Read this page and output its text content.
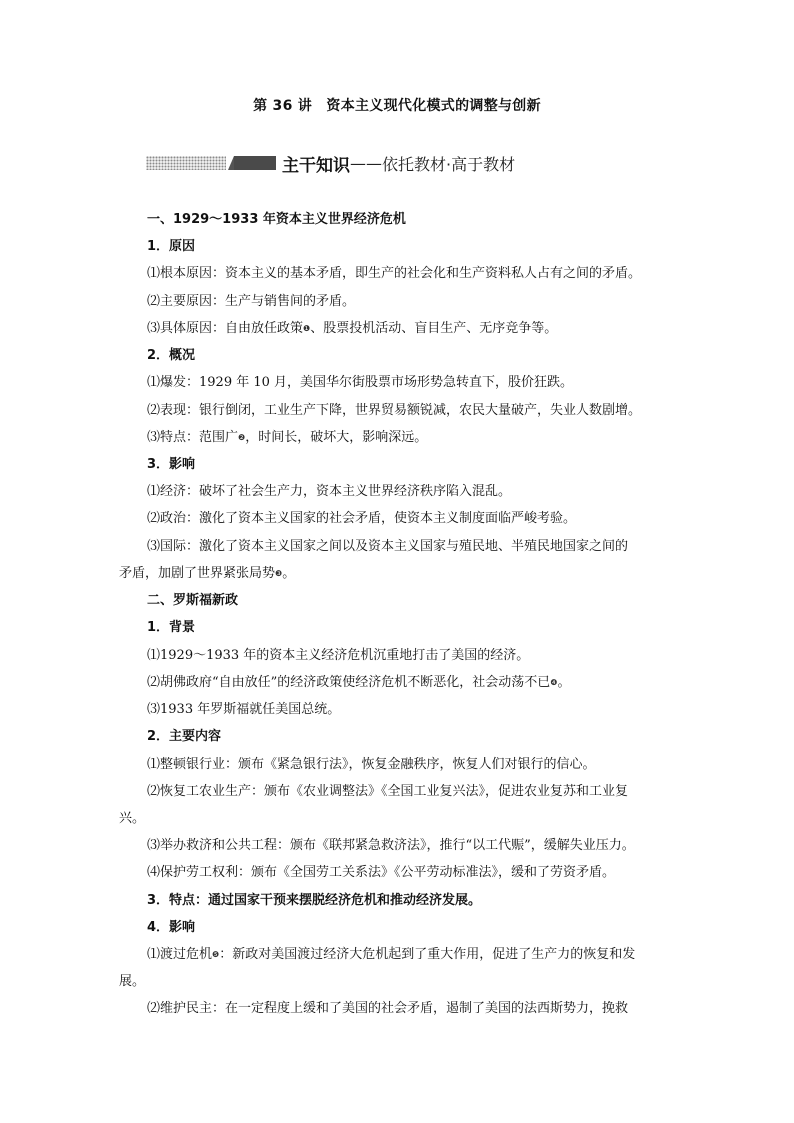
第 36 讲　资本主义现代化模式的调整与创新
主干知识 —— 依托教材·高于教材

一、1929～1933 年资本主义世界经济危机

1．原因

⑴根本原因：资本主义的基本矛盾，即生产的社会化和生产资料私人占有之间的矛盾。

⑵主要原因：生产与销售间的矛盾。

⑶具体原因：自由放任政策❶、股票投机活动、盲目生产、无序竞争等。

2．概况

⑴爆发：1929 年 10 月，美国华尔街股票市场形势急转直下，股价狂跌。

⑵表现：银行倒闭，工业生产下降，世界贸易额锐减，农民大量破产，失业人数剧增。

⑶特点：范围广❷，时间长，破坏大，影响深远。

3．影响

⑴经济：破坏了社会生产力，资本主义世界经济秩序陷入混乱。

⑵政治：激化了资本主义国家的社会矛盾，使资本主义制度面临严峻考验。

⑶国际：激化了资本主义国家之间以及资本主义国家与殖民地、半殖民地国家之间的

矛盾，加剧了世界紧张局势❸。

二、罗斯福新政

1．背景

⑴1929～1933 年的资本主义经济危机沉重地打击了美国的经济。

⑵胡佛政府“自由放任”的经济政策使经济危机不断恶化，社会动荡不已❹。

⑶1933 年罗斯福就任美国总统。

2．主要内容

⑴整顿银行业：颁布《紧急银行法》，恢复金融秩序，恢复人们对银行的信心。

⑵恢复工农业生产：颁布《农业调整法》《全国工业复兴法》，促进农业复苏和工业复

兴。

⑶举办救济和公共工程：颁布《联邦紧急救济法》，推行“以工代赈”，缓解失业压力。

⑷保护劳工权利：颁布《全国劳工关系法》《公平劳动标准法》，缓和了劳资矛盾。

3．特点：通过国家干预来摆脱经济危机和推动经济发展。

4．影响

⑴渡过危机❺：新政对美国渡过经济大危机起到了重大作用，促进了生产力的恢复和发

展。

⑵维护民主：在一定程度上缓和了美国的社会矛盾，遏制了美国的法西斯势力，挽救
